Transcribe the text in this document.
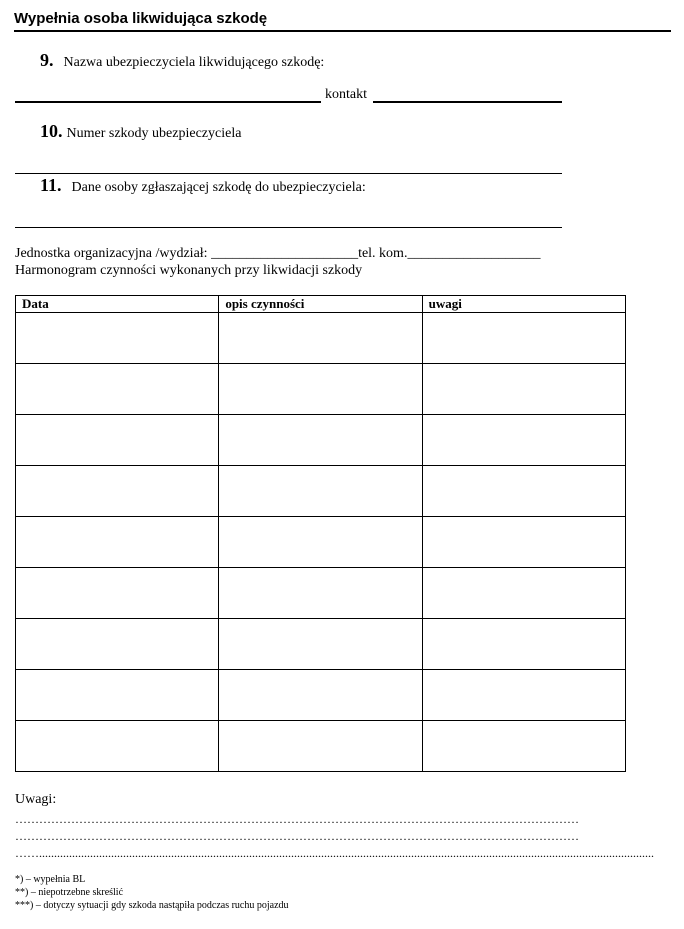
Wypełnia osoba likwidująca szkodę
9. Nazwa ubezpieczyciela likwidującego szkodę:
kontakt
10. Numer szkody ubezpieczyciela
11. Dane osoby zgłaszającej szkodę do ubezpieczyciela:
Jednostka organizacyjna /wydział: _____________________tel. kom.___________________
Harmonogram czynności wykonanych przy likwidacji szkody
Data	opis czynności	uwagi

Uwagi:
……………………………………………………………………………………………………………………………
……………………………………………………………………………………………………………………………
…….............................................................................................................................................................................................................
*) – wypełnia BL
**) – niepotrzebne skreślić
***) – dotyczy sytuacji gdy szkoda nastąpiła podczas ruchu pojazdu
